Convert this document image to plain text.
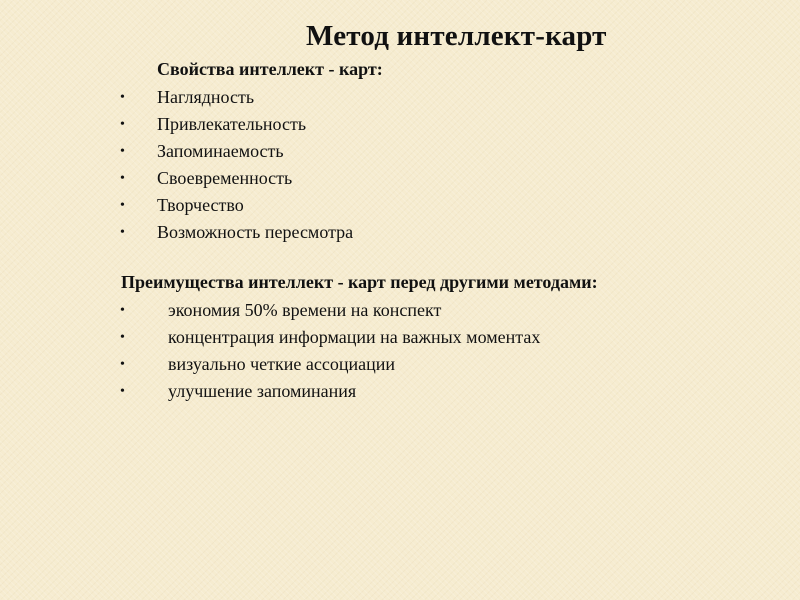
Метод интеллект-карт
Свойства интеллект - карт:
• Наглядность
• Привлекательность
• Запоминаемость
• Своевременность
• Творчество
• Возможность пересмотра
Преимущества интеллект - карт перед другими методами:
• экономия 50% времени на конспект
• концентрация информации на важных моментах
• визуально четкие ассоциации
• улучшение запоминания
